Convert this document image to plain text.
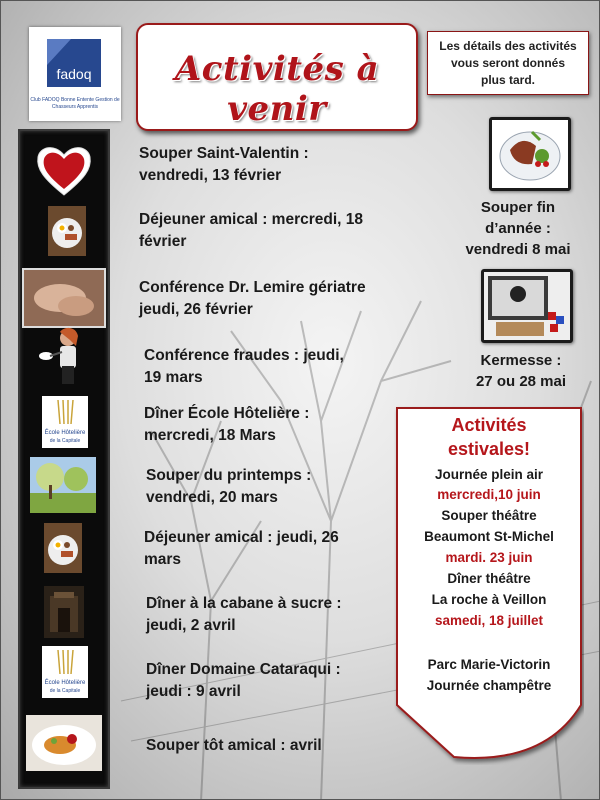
fadoq
Club FADOQ Bonne Entente Gestion de Chasseurs Apprentis
Activités à venir
Les détails des activités vous seront donnés plus tard.
École Hôtelière
de la Capitale
École Hôtelière
de la Capitale
Souper Saint-Valentin :
vendredi, 13 février
Déjeuner amical : mercredi, 18
février
Conférence Dr. Lemire gériatre
jeudi, 26 février
Conférence fraudes : jeudi,
19 mars
Dîner École Hôtelière :
mercredi, 18 Mars
Souper du printemps :
vendredi, 20 mars
Déjeuner amical : jeudi, 26
mars
Dîner à la cabane à sucre :
jeudi, 2 avril
Dîner Domaine Cataraqui :
jeudi : 9 avril
Souper tôt amical : avril
Souper fin
d’année :
vendredi 8 mai
Kermesse :
27 ou 28 mai
Activités
estivales!
Journée plein air
mercredi,10 juin
Souper théâtre
Beaumont St-Michel
mardi. 23 juin
Dîner théâtre
La roche à Veillon
samedi, 18 juillet
Parc Marie-Victorin
Journée champêtre
